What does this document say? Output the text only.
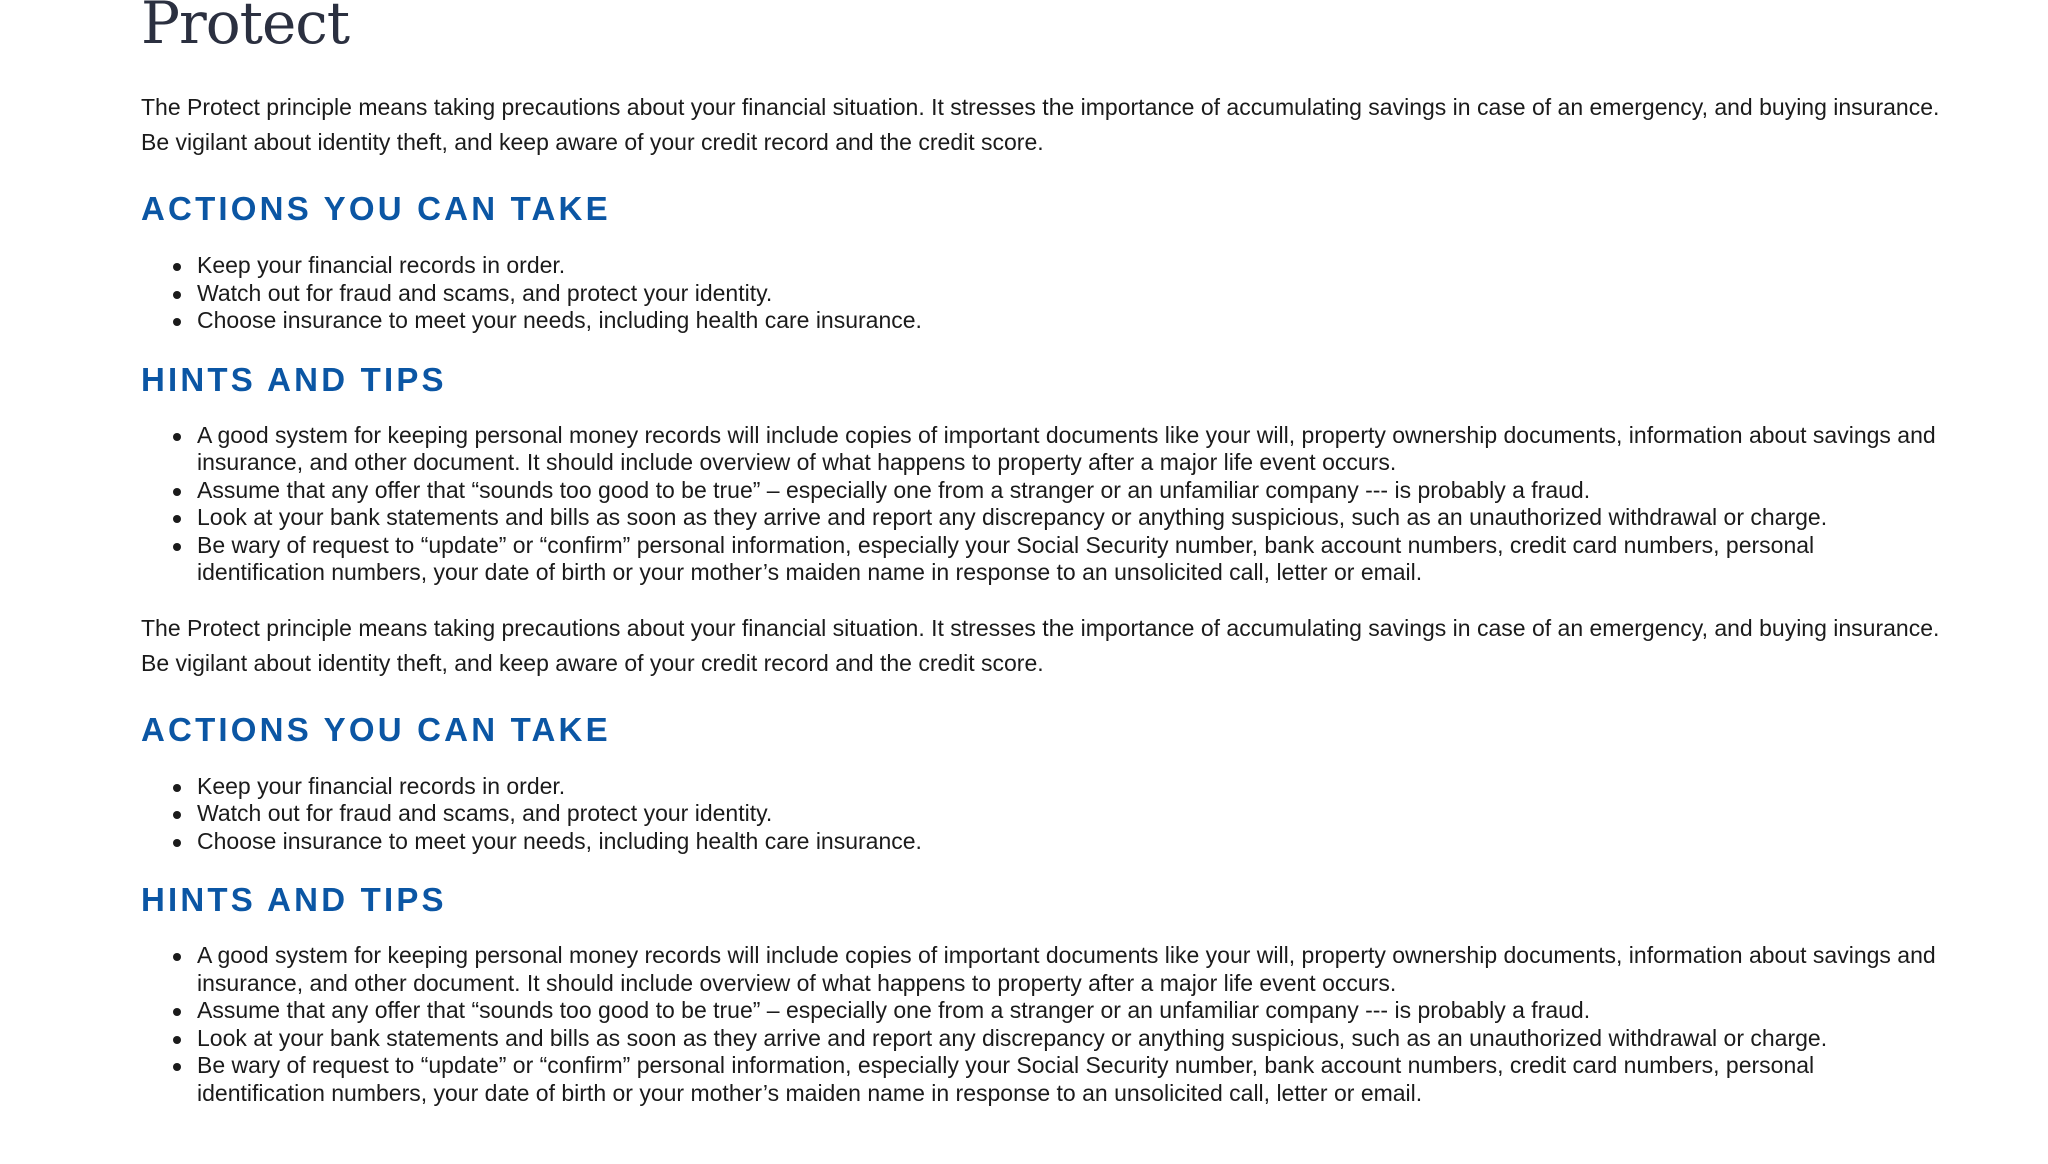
Protect

The Protect principle means taking precautions about your financial situation. It stresses the importance of accumulating savings in case of an emergency, and buying insurance. Be vigilant about identity theft, and keep aware of your credit record and the credit score.

ACTIONS YOU CAN TAKE
Keep your financial records in order.
Watch out for fraud and scams, and protect your identity.
Choose insurance to meet your needs, including health care insurance.
HINTS AND TIPS
A good system for keeping personal money records will include copies of important documents like your will, property ownership documents, information about savings and insurance, and other document. It should include overview of what happens to property after a major life event occurs.
Assume that any offer that “sounds too good to be true” – especially one from a stranger or an unfamiliar company --- is probably a fraud.
Look at your bank statements and bills as soon as they arrive and report any discrepancy or anything suspicious, such as an unauthorized withdrawal or charge.
Be wary of request to “update” or “confirm” personal information, especially your Social Security number, bank account numbers, credit card numbers, personal identification numbers, your date of birth or your mother’s maiden name in response to an unsolicited call, letter or email.

The Protect principle means taking precautions about your financial situation. It stresses the importance of accumulating savings in case of an emergency, and buying insurance. Be vigilant about identity theft, and keep aware of your credit record and the credit score.

ACTIONS YOU CAN TAKE
Keep your financial records in order.
Watch out for fraud and scams, and protect your identity.
Choose insurance to meet your needs, including health care insurance.
HINTS AND TIPS
A good system for keeping personal money records will include copies of important documents like your will, property ownership documents, information about savings and insurance, and other document. It should include overview of what happens to property after a major life event occurs.
Assume that any offer that “sounds too good to be true” – especially one from a stranger or an unfamiliar company --- is probably a fraud.
Look at your bank statements and bills as soon as they arrive and report any discrepancy or anything suspicious, such as an unauthorized withdrawal or charge.
Be wary of request to “update” or “confirm” personal information, especially your Social Security number, bank account numbers, credit card numbers, personal identification numbers, your date of birth or your mother’s maiden name in response to an unsolicited call, letter or email.
